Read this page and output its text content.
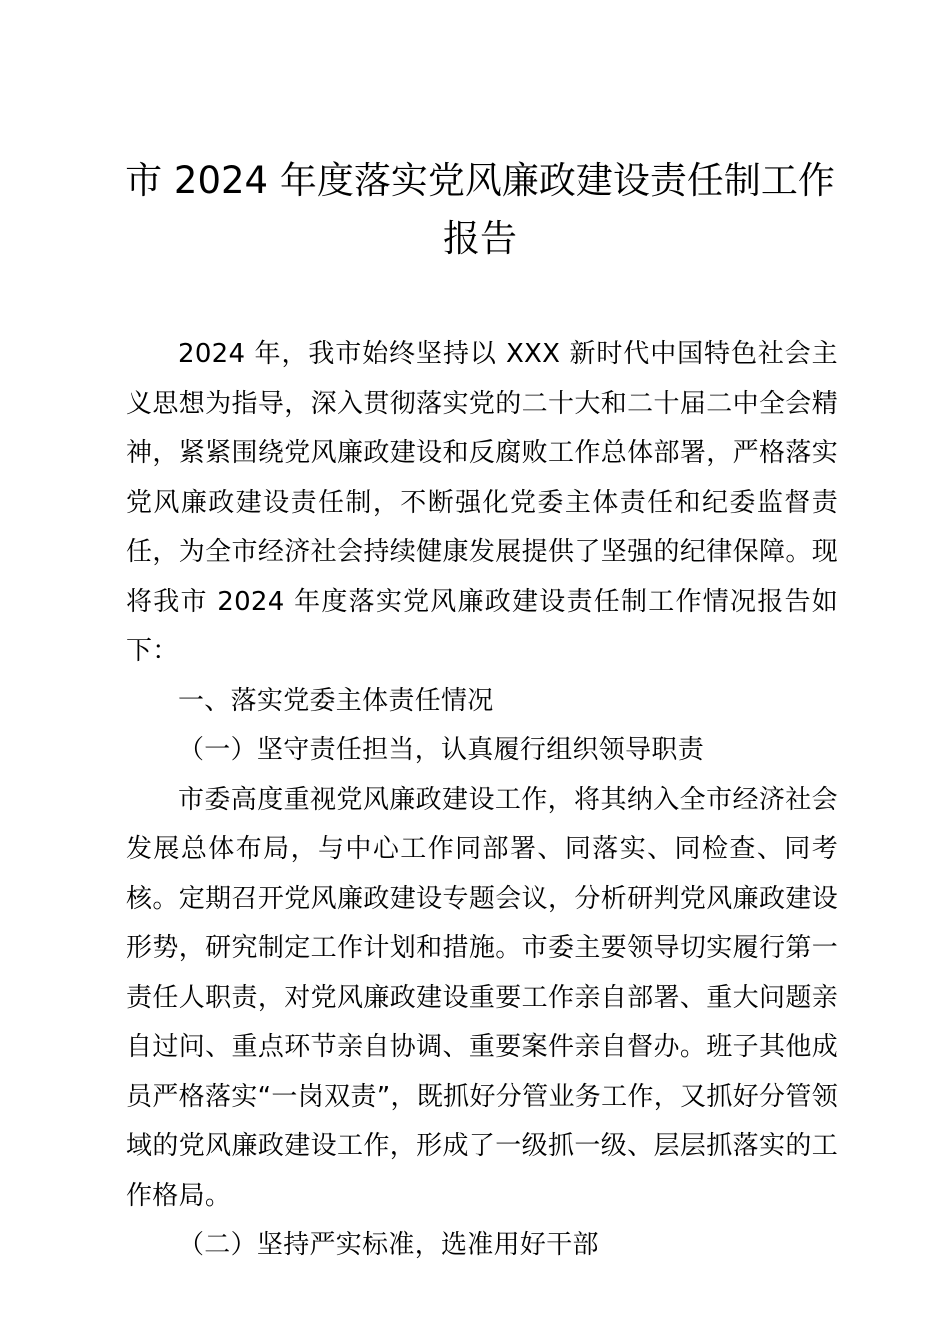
市 2024 年度落实党风廉政建设责任制工作报告

2024 年，我市始终坚持以 XXX 新时代中国特色社会主义思想为指导，深入贯彻落实党的二十大和二十届二中全会精神，紧紧围绕党风廉政建设和反腐败工作总体部署，严格落实党风廉政建设责任制，不断强化党委主体责任和纪委监督责任，为全市经济社会持续健康发展提供了坚强的纪律保障。现将我市 2024 年度落实党风廉政建设责任制工作情况报告如下：

一、落实党委主体责任情况

（一）坚守责任担当，认真履行组织领导职责

市委高度重视党风廉政建设工作，将其纳入全市经济社会发展总体布局，与中心工作同部署、同落实、同检查、同考核。定期召开党风廉政建设专题会议，分析研判党风廉政建设形势，研究制定工作计划和措施。市委主要领导切实履行第一责任人职责，对党风廉政建设重要工作亲自部署、重大问题亲自过问、重点环节亲自协调、重要案件亲自督办。班子其他成员严格落实“一岗双责”，既抓好分管业务工作，又抓好分管领域的党风廉政建设工作，形成了一级抓一级、层层抓落实的工作格局。

（二）坚持严实标准，选准用好干部
